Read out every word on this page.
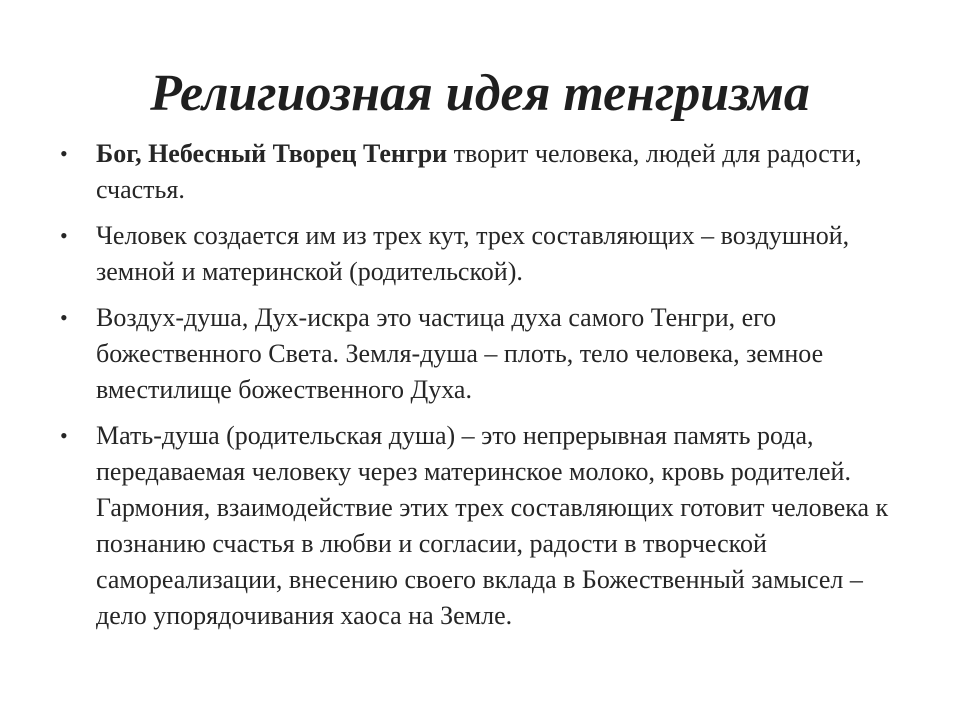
Религиозная идея тенгризма
•	Бог, Небесный Творец Тенгри творит человека, людей для радости, счастья.
•	Человек создается им из трех кут, трех составляющих – воздушной, земной и материнской (родительской).
•	Воздух-душа, Дух-искра это частица духа самого Тенгри, его божественного Света. Земля-душа – плоть, тело человека, земное вместилище божественного Духа.
•	Мать-душа (родительская душа) – это непрерывная память рода, передаваемая человеку через материнское молоко, кровь родителей. Гармония, взаимодействие этих трех составляющих готовит человека к познанию счастья в любви и согласии, радости в творческой самореализации, внесению своего вклада в Божественный замысел – дело упорядочивания хаоса на Земле.
